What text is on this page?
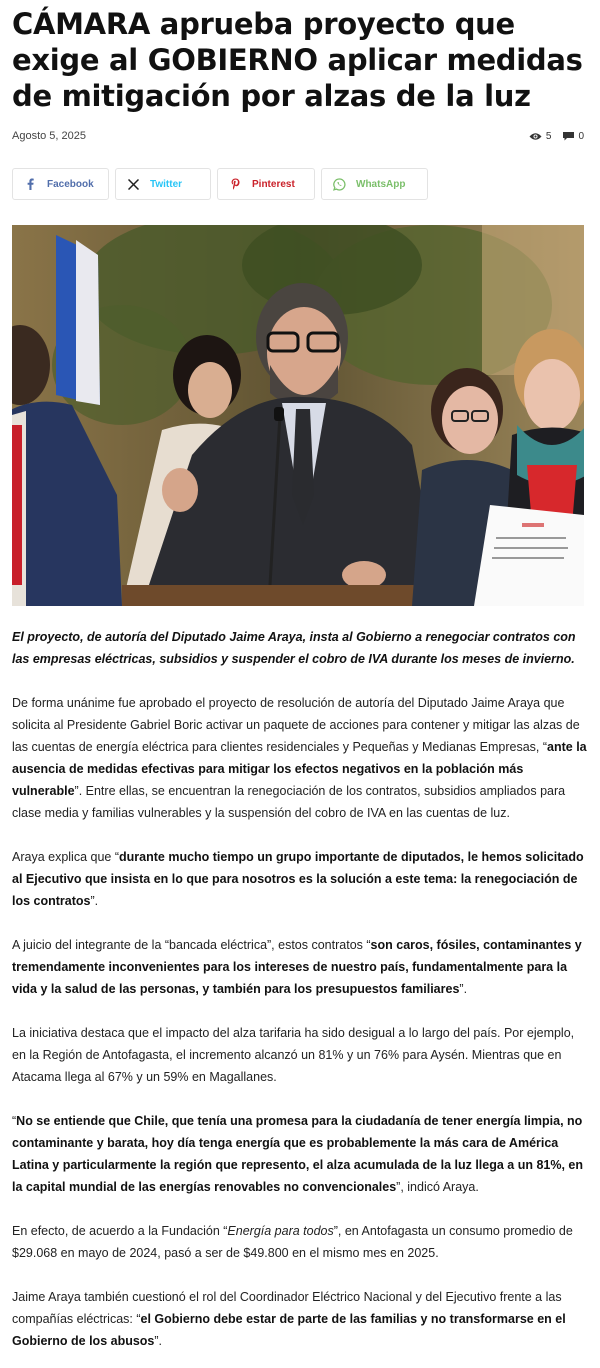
CÁMARA aprueba proyecto que exige al GOBIERNO aplicar medidas de mitigación por alzas de la luz
Agosto 5, 2025	5	0
Facebook	Twitter	Pinterest	WhatsApp
El proyecto, de autoría del Diputado Jaime Araya, insta al Gobierno a renegociar contratos con las empresas eléctricas, subsidios y suspender el cobro de IVA durante los meses de invierno.

De forma unánime fue aprobado el proyecto de resolución de autoría del Diputado Jaime Araya que solicita al Presidente Gabriel Boric activar un paquete de acciones para contener y mitigar las alzas de las cuentas de energía eléctrica para clientes residenciales y Pequeñas y Medianas Empresas, “ante la ausencia de medidas efectivas para mitigar los efectos negativos en la población más vulnerable”. Entre ellas, se encuentran la renegociación de los contratos, subsidios ampliados para clase media y familias vulnerables y la suspensión del cobro de IVA en las cuentas de luz.

Araya explica que “durante mucho tiempo un grupo importante de diputados, le hemos solicitado al Ejecutivo que insista en lo que para nosotros es la solución a este tema: la renegociación de los contratos”.

A juicio del integrante de la “bancada eléctrica”, estos contratos “son caros, fósiles, contaminantes y tremendamente inconvenientes para los intereses de nuestro país, fundamentalmente para la vida y la salud de las personas, y también para los presupuestos familiares”.

La iniciativa destaca que el impacto del alza tarifaria ha sido desigual a lo largo del país. Por ejemplo, en la Región de Antofagasta, el incremento alcanzó un 81% y un 76% para Aysén. Mientras que en Atacama llega al 67% y un 59% en Magallanes.

“No se entiende que Chile, que tenía una promesa para la ciudadanía de tener energía limpia, no contaminante y barata, hoy día tenga energía que es probablemente la más cara de América Latina y particularmente la región que represento, el alza acumulada de la luz llega a un 81%, en la capital mundial de las energías renovables no convencionales”, indicó Araya.

En efecto, de acuerdo a la Fundación “Energía para todos”, en Antofagasta un consumo promedio de $29.068 en mayo de 2024, pasó a ser de $49.800 en el mismo mes en 2025.

Jaime Araya también cuestionó el rol del Coordinador Eléctrico Nacional y del Ejecutivo frente a las compañías eléctricas: “el Gobierno debe estar de parte de las familias y no transformarse en el Gobierno de los abusos”.
